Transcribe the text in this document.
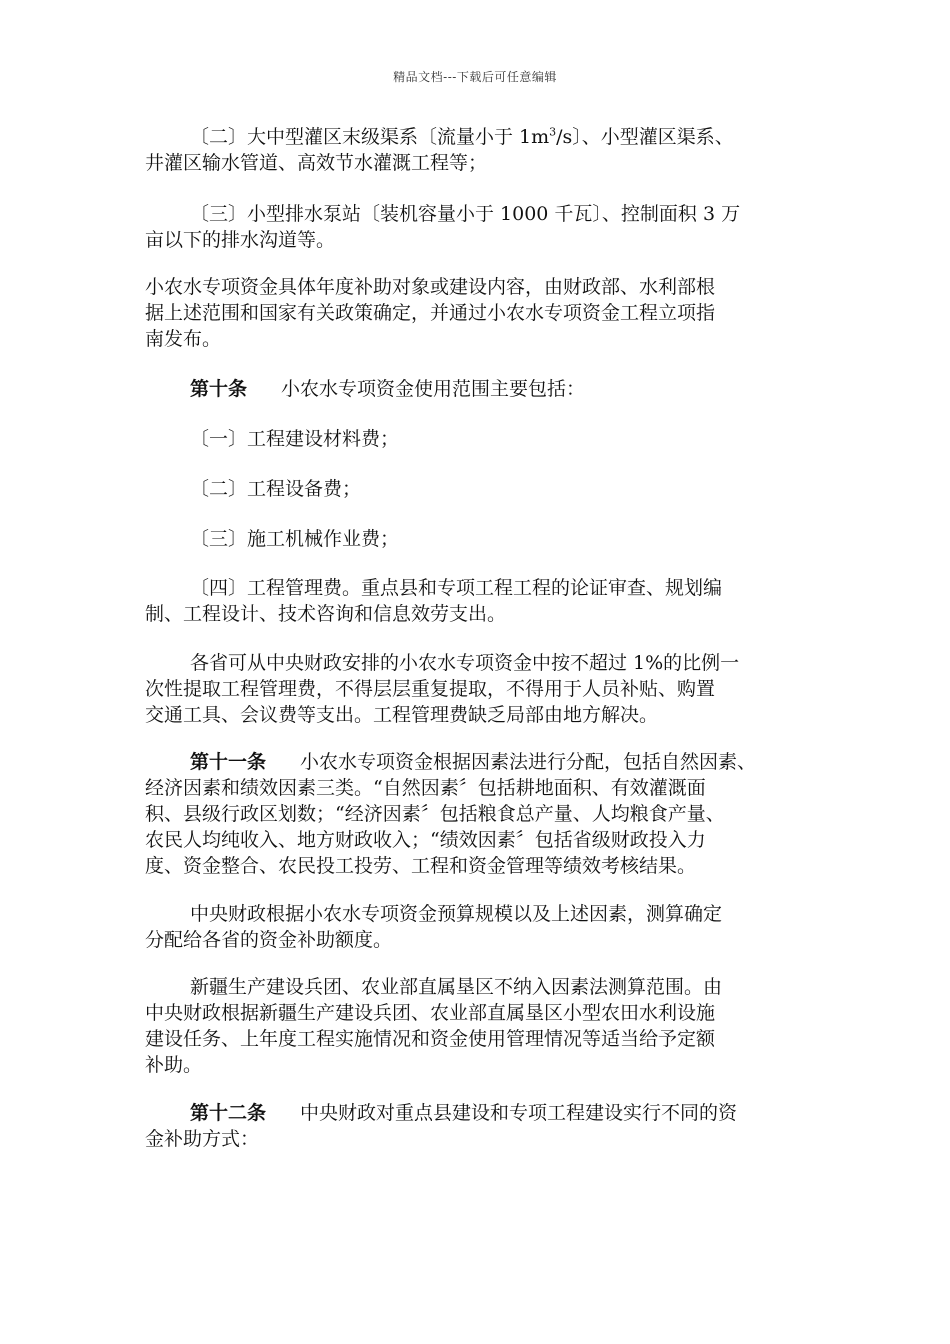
精品文档---下载后可任意编辑
〔二〕大中型灌区末级渠系〔流量小于 $1m^3/s$〕、小型灌区渠系、
井灌区输水管道、高效节水灌溉工程等；
〔三〕小型排水泵站〔装机容量小于 1000 千瓦〕、控制面积 3 万
亩以下的排水沟道等。
小农水专项资金具体年度补助对象或建设内容，由财政部、水利部根
据上述范围和国家有关政策确定，并通过小农水专项资金工程立项指
南发布。
第十条 小农水专项资金使用范围主要包括：
〔一〕工程建设材料费；
〔二〕工程设备费；
〔三〕施工机械作业费；
〔四〕工程管理费。重点县和专项工程工程的论证审查、规划编
制、工程设计、技术咨询和信息效劳支出。
各省可从中央财政安排的小农水专项资金中按不超过 1%的比例一
次性提取工程管理费，不得层层重复提取，不得用于人员补贴、购置
交通工具、会议费等支出。工程管理费缺乏局部由地方解决。
第十一条 小农水专项资金根据因素法进行分配，包括自然因素、
经济因素和绩效因素三类。“自然因素〞包括耕地面积、有效灌溉面
积、县级行政区划数；“经济因素〞包括粮食总产量、人均粮食产量、
农民人均纯收入、地方财政收入；“绩效因素〞包括省级财政投入力
度、资金整合、农民投工投劳、工程和资金管理等绩效考核结果。
中央财政根据小农水专项资金预算规模以及上述因素，测算确定
分配给各省的资金补助额度。
新疆生产建设兵团、农业部直属垦区不纳入因素法测算范围。由
中央财政根据新疆生产建设兵团、农业部直属垦区小型农田水利设施
建设任务、上年度工程实施情况和资金使用管理情况等适当给予定额
补助。
第十二条 中央财政对重点县建设和专项工程建设实行不同的资
金补助方式：
